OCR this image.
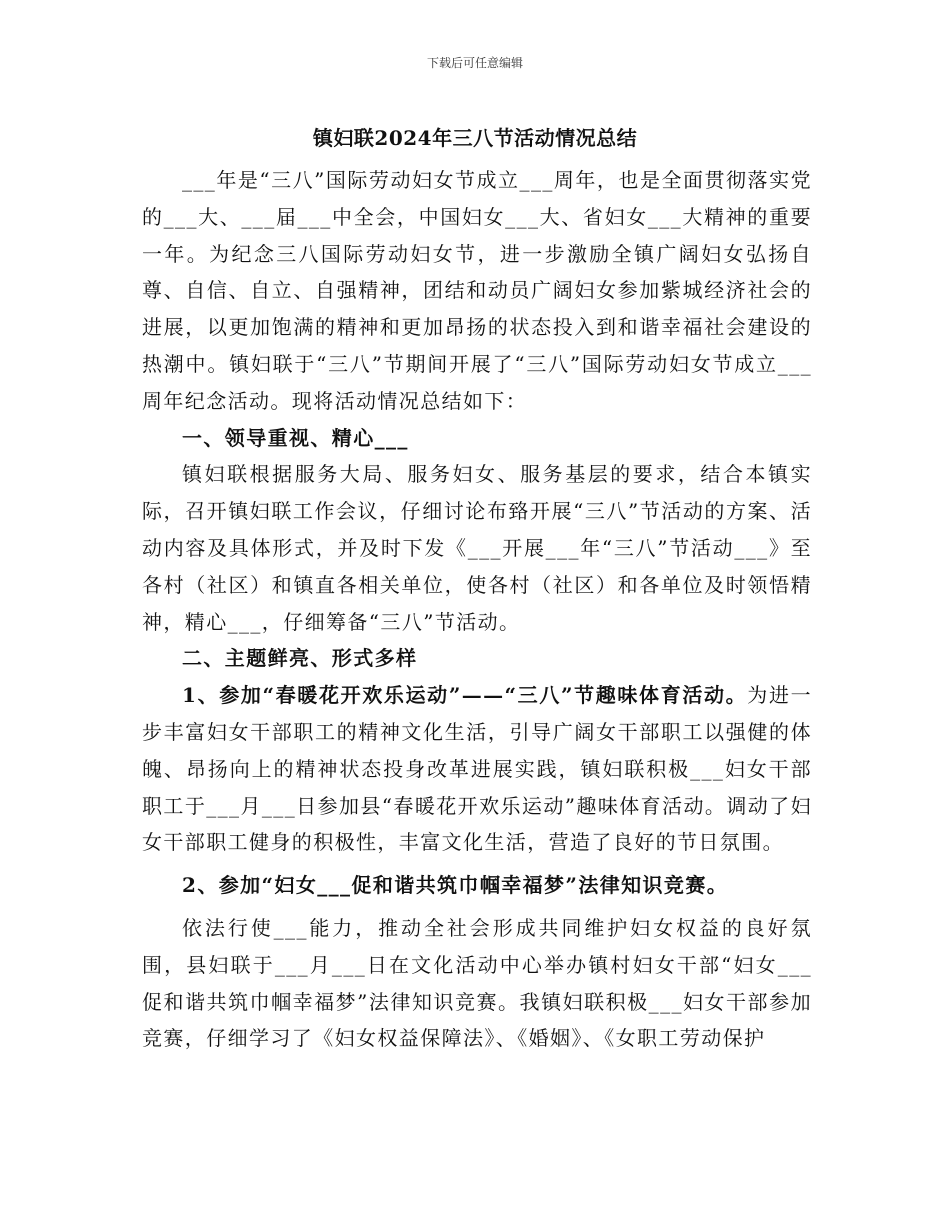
下载后可任意编辑
镇妇联2024年三八节活动情况总结

___年是“三八”国际劳动妇女节成立___周年，也是全面贯彻落实党的___大、___届___中全会，中国妇女___大、省妇女___大精神的重要一年。为纪念三八国际劳动妇女节，进一步激励全镇广阔妇女弘扬自尊、自信、自立、自强精神，团结和动员广阔妇女参加紫城经济社会的进展，以更加饱满的精神和更加昂扬的状态投入到和谐幸福社会建设的热潮中。镇妇联于“三八”节期间开展了“三八”国际劳动妇女节成立___周年纪念活动。现将活动情况总结如下：

一、领导重视、精心___

镇妇联根据服务大局、服务妇女、服务基层的要求，结合本镇实际，召开镇妇联工作会议，仔细讨论布臵开展“三八”节活动的方案、活动内容及具体形式，并及时下发《___开展___年“三八”节活动___》至各村（社区）和镇直各相关单位，使各村（社区）和各单位及时领悟精神，精心___，仔细筹备“三八”节活动。

二、主题鲜亮、形式多样

1、参加“春暖花开欢乐运动”——“三八”节趣味体育活动。为进一步丰富妇女干部职工的精神文化生活，引导广阔女干部职工以强健的体魄、昂扬向上的精神状态投身改革进展实践，镇妇联积极___妇女干部职工于___月___日参加县“春暖花开欢乐运动”趣味体育活动。调动了妇女干部职工健身的积极性，丰富文化生活，营造了良好的节日氛围。

2、参加“妇女___促和谐共筑巾帼幸福梦”法律知识竞赛。

依法行使___能力，推动全社会形成共同维护妇女权益的良好氛围，县妇联于___月___日在文化活动中心举办镇村妇女干部“妇女___促和谐共筑巾帼幸福梦”法律知识竞赛。我镇妇联积极___妇女干部参加竞赛，仔细学习了《妇女权益保障法》、《婚姻》、《女职工劳动保护
